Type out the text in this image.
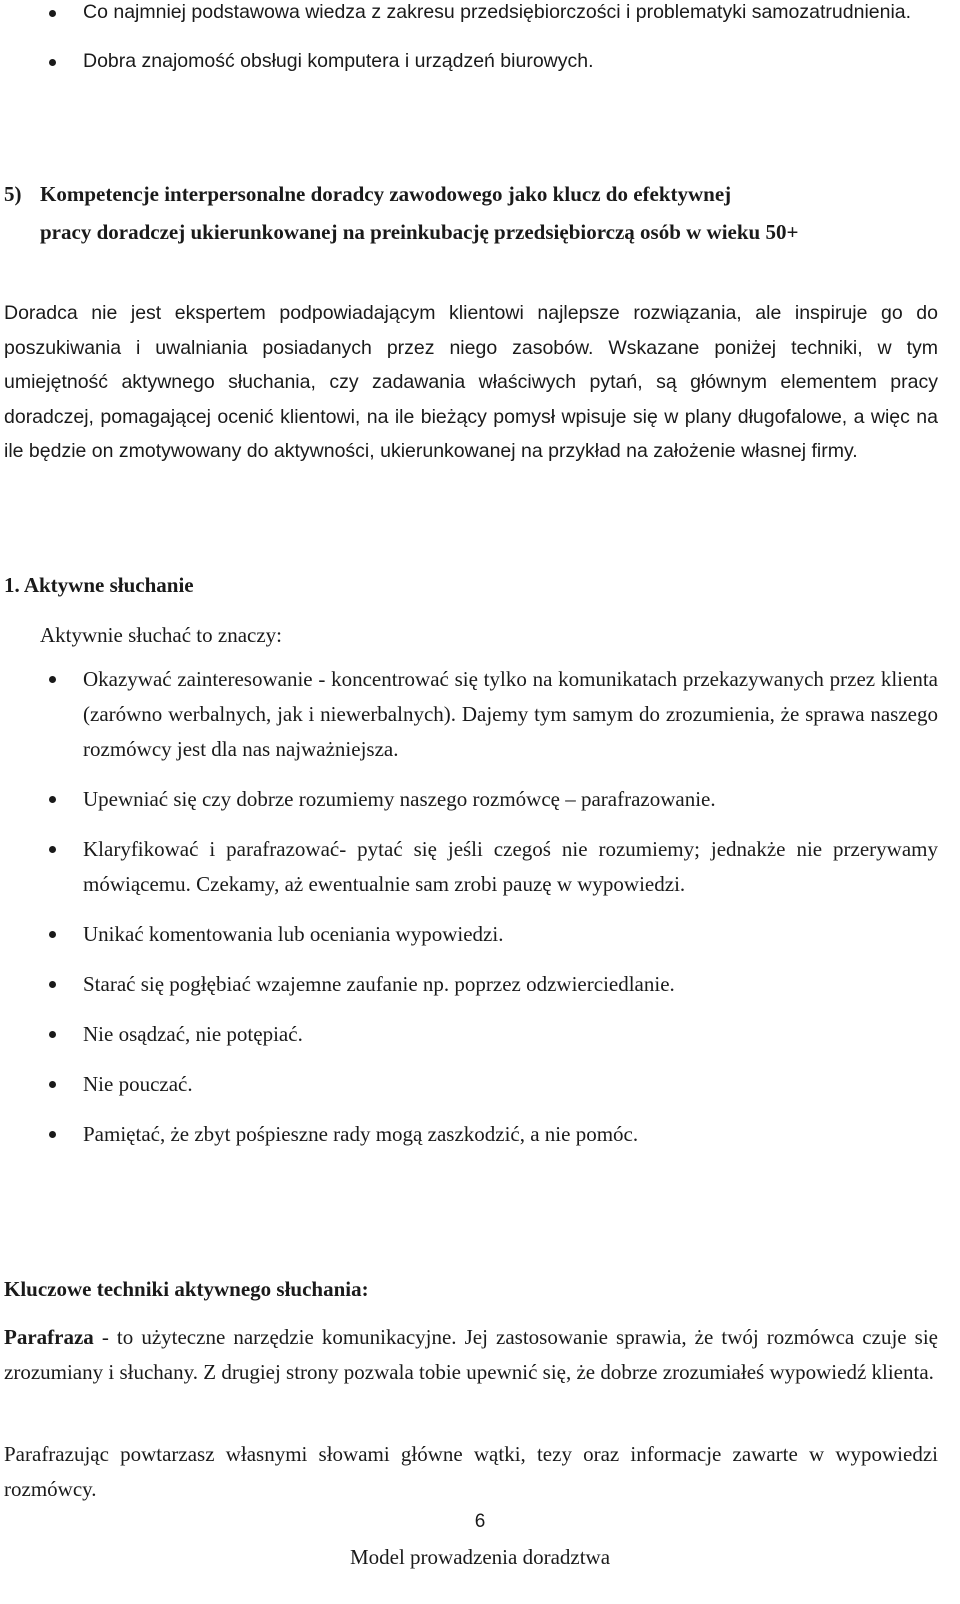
Co najmniej podstawowa wiedza z zakresu przedsiębiorczości i problematyki samozatrudnienia.
Dobra znajomość obsługi komputera i urządzeń biurowych.
5) Kompetencje interpersonalne doradcy zawodowego jako klucz do efektywnej
pracy doradczej ukierunkowanej na preinkubację przedsiębiorczą osób w wieku 50+
Doradca nie jest ekspertem podpowiadającym klientowi najlepsze rozwiązania, ale inspiruje go do poszukiwania i uwalniania posiadanych przez niego zasobów. Wskazane poniżej techniki, w tym umiejętność aktywnego słuchania, czy zadawania właściwych pytań, są głównym elementem pracy doradczej, pomagającej ocenić klientowi, na ile bieżący pomysł wpisuje się w plany długofalowe, a więc na ile będzie on zmotywowany do aktywności, ukierunkowanej na przykład na założenie własnej firmy.
1. Aktywne słuchanie
Aktywnie słuchać to znaczy:
Okazywać zainteresowanie - koncentrować się tylko na komunikatach przekazywanych przez klienta (zarówno werbalnych, jak i niewerbalnych). Dajemy tym samym do zrozumienia, że sprawa naszego rozmówcy jest dla nas najważniejsza.
Upewniać się czy dobrze rozumiemy naszego rozmówcę – parafrazowanie.
Klaryfikować i parafrazować- pytać się jeśli czegoś nie rozumiemy; jednakże nie przerywamy mówiącemu. Czekamy, aż ewentualnie sam zrobi pauzę w wypowiedzi.
Unikać komentowania lub oceniania wypowiedzi.
Starać się pogłębiać wzajemne zaufanie np. poprzez odzwierciedlanie.
Nie osądzać, nie potępiać.
Nie pouczać.
Pamiętać, że zbyt pośpieszne rady mogą zaszkodzić, a nie pomóc.
Kluczowe techniki aktywnego słuchania:
Parafraza - to użyteczne narzędzie komunikacyjne. Jej zastosowanie sprawia, że twój rozmówca czuje się zrozumiany i słuchany. Z drugiej strony pozwala tobie upewnić się, że dobrze zrozumiałeś wypowiedź klienta.
Parafrazując powtarzasz własnymi słowami główne wątki, tezy oraz informacje zawarte w wypowiedzi rozmówcy.
6
Model prowadzenia doradztwa
